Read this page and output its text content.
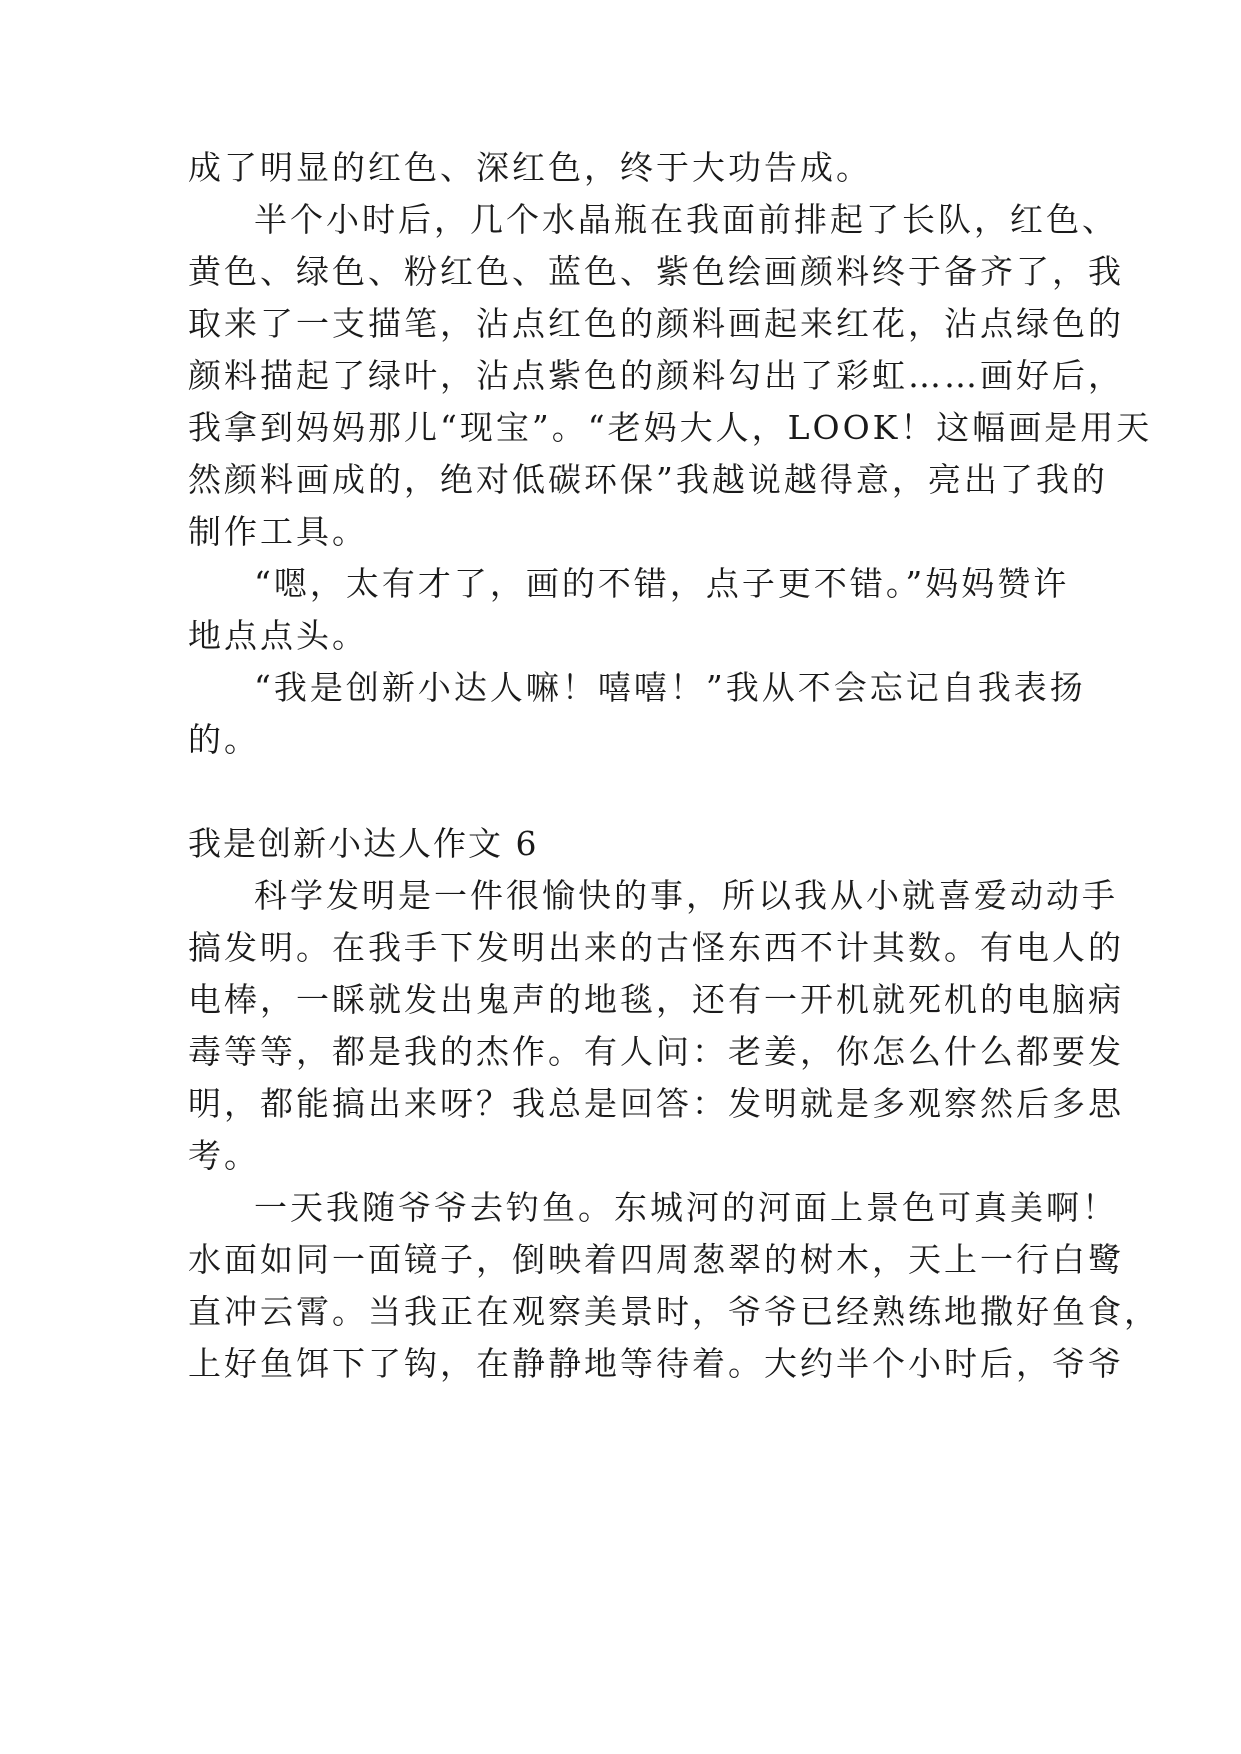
成了明显的红色、深红色，终于大功告成。
半个小时后，几个水晶瓶在我面前排起了长队，红色、
黄色、绿色、粉红色、蓝色、紫色绘画颜料终于备齐了，我
取来了一支描笔，沾点红色的颜料画起来红花，沾点绿色的
颜料描起了绿叶，沾点紫色的颜料勾出了彩虹……画好后，
我拿到妈妈那儿“现宝”。“老妈大人，LOOK！这幅画是用天
然颜料画成的，绝对低碳环保”我越说越得意，亮出了我的
制作工具。
“嗯，太有才了，画的不错，点子更不错。”妈妈赞许
地点点头。
“我是创新小达人嘛！嘻嘻！”我从不会忘记自我表扬
的。
我是创新小达人作文 6
科学发明是一件很愉快的事，所以我从小就喜爱动动手
搞发明。在我手下发明出来的古怪东西不计其数。有电人的
电棒，一睬就发出鬼声的地毯，还有一开机就死机的电脑病
毒等等，都是我的杰作。有人问：老姜，你怎么什么都要发
明，都能搞出来呀？我总是回答：发明就是多观察然后多思
考。
一天我随爷爷去钓鱼。东城河的河面上景色可真美啊！
水面如同一面镜子，倒映着四周葱翠的树木，天上一行白鹭
直冲云霄。当我正在观察美景时，爷爷已经熟练地撒好鱼食，
上好鱼饵下了钩，在静静地等待着。大约半个小时后，爷爷
